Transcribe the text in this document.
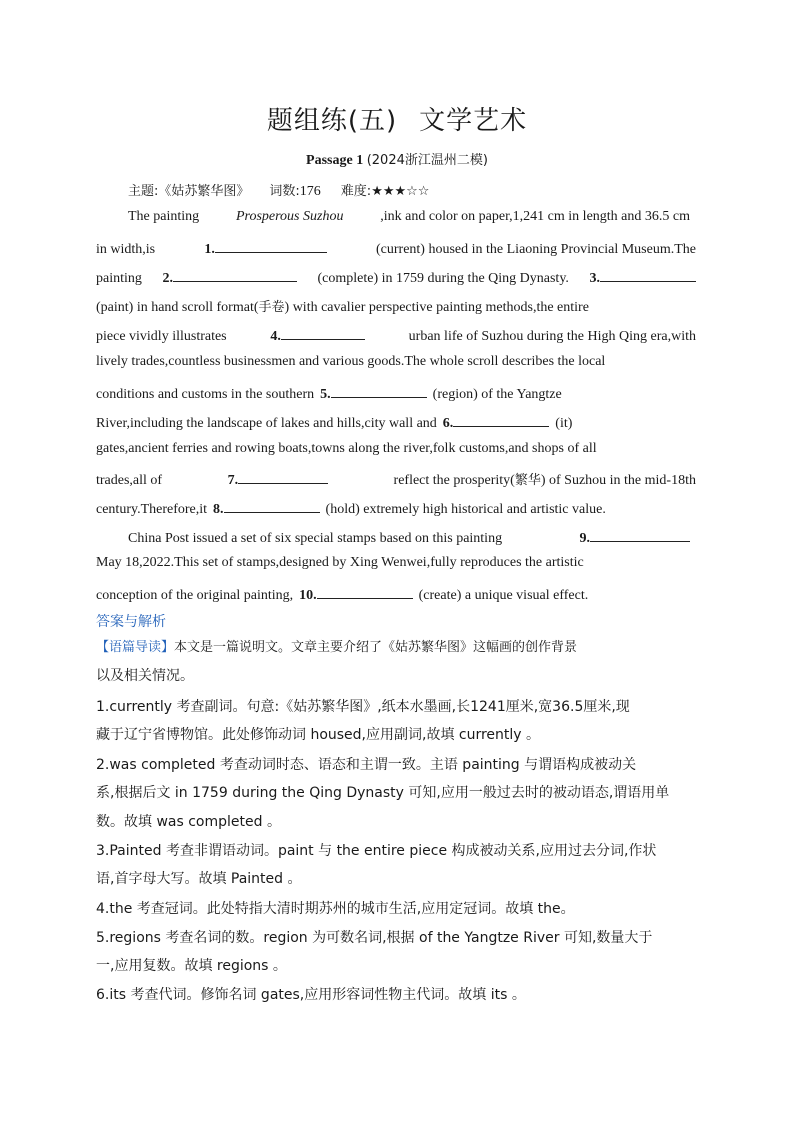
题组练(五) 文学艺术
Passage 1 (2024浙江温州二模)
主题:《姑苏繁华图》 词数:176 难度:★★★☆☆
The painting	Prosperous Suzhou	,ink and color on paper,1,241 cm in length and 36.5 cm
in width,is	1.	(current) housed in the Liaoning Provincial Museum.The
painting 2.	(complete) in 1759 during the Qing Dynasty. 3.
(paint) in hand scroll format(手卷) with cavalier perspective painting methods,the entire
piece vividly illustrates	4.	urban life of Suzhou during the High Qing era,with
lively trades,countless businessmen and various goods.The whole scroll describes the local
conditions and customs in the southern 5.	(region) of the Yangtze
River,including the landscape of lakes and hills,city wall and 6.	(it)
gates,ancient ferries and rowing boats,towns along the river,folk customs,and shops of all
trades,all of	7.	reflect the prosperity(繁华) of Suzhou in the mid-18th
century.Therefore,it 8.	(hold) extremely high historical and artistic value.
China Post issued a set of six special stamps based on this painting	9.
May 18,2022.This set of stamps,designed by Xing Wenwei,fully reproduces the artistic
conception of the original painting, 10.	(create) a unique visual effect.
答案与解析
【语篇导读】本文是一篇说明文。文章主要介绍了《姑苏繁华图》这幅画的创作背景
以及相关情况。
1.currently 考查副词。句意:《姑苏繁华图》,纸本水墨画,长1241厘米,宽36.5厘米,现
藏于辽宁省博物馆。此处修饰动词 housed,应用副词,故填 currently 。
2.was completed 考查动词时态、语态和主谓一致。主语 painting 与谓语构成被动关
系,根据后文 in 1759 during the Qing Dynasty 可知,应用一般过去时的被动语态,谓语用单
数。故填 was completed 。
3.Painted 考查非谓语动词。paint 与 the entire piece 构成被动关系,应用过去分词,作状
语,首字母大写。故填 Painted 。
4.the 考查冠词。此处特指大清时期苏州的城市生活,应用定冠词。故填 the。
5.regions 考查名词的数。region 为可数名词,根据 of the Yangtze River 可知,数量大于
一,应用复数。故填 regions 。
6.its 考查代词。修饰名词 gates,应用形容词性物主代词。故填 its 。
